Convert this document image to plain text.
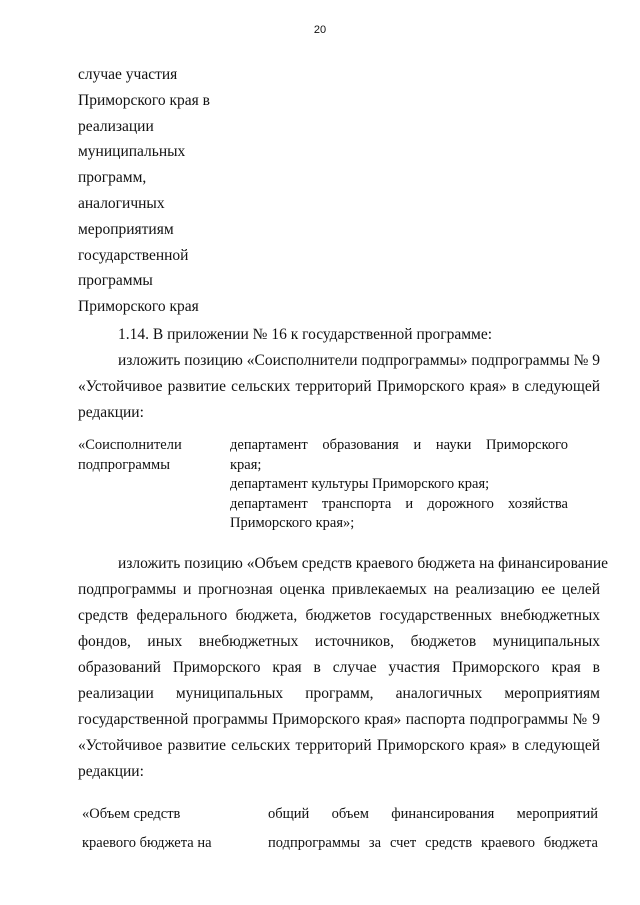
20
случае участия
Приморского края в
реализации
муниципальных
программ,
аналогичных
мероприятиям
государственной
программы
Приморского края
1.14. В приложении № 16 к государственной программе:
изложить позицию «Соисполнители подпрограммы» подпрограммы № 9
«Устойчивое развитие сельских территорий Приморского края» в следующей
редакции:
«Соисполнители
подпрограммы
департамент образования и науки Приморского
края;
департамент культуры Приморского края;
департамент транспорта и дорожного хозяйства
Приморского края»;
изложить позицию «Объем средств краевого бюджета на финансирование
подпрограммы и прогнозная оценка привлекаемых на реализацию ее целей
средств федерального бюджета, бюджетов государственных внебюджетных
фондов, иных внебюджетных источников, бюджетов муниципальных
образований Приморского края в случае участия Приморского края в
реализации муниципальных программ, аналогичных мероприятиям
государственной программы Приморского края» паспорта подпрограммы № 9
«Устойчивое развитие сельских территорий Приморского края» в следующей
редакции:
«Объем средств
краевого бюджета на
общий объем финансирования мероприятий
подпрограммы за счет средств краевого бюджета
